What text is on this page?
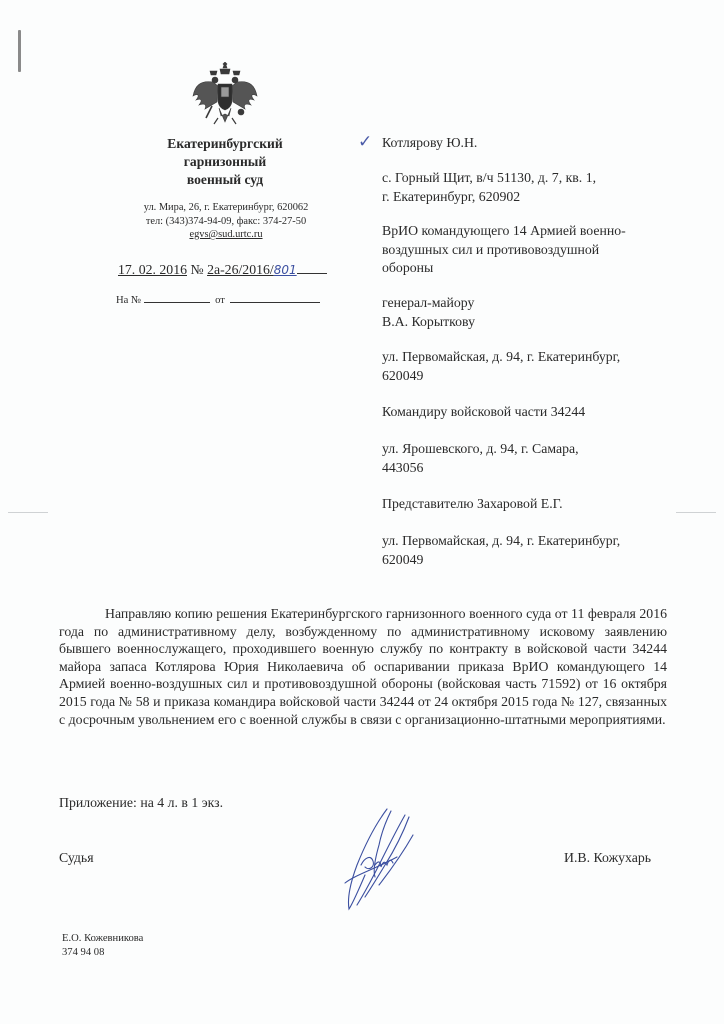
Екатеринбургский
гарнизонный
военный суд
ул. Мира, 26, г. Екатеринбург, 620062
тел: (343)374-94-09, факс: 374-27-50
egvs@sud.urtc.ru
17. 02. 2016 № 2а-26/2016/801
На №	от
✓ Котлярову Ю.Н.
с. Горный Щит, в/ч 51130, д. 7, кв. 1,
г. Екатеринбург, 620902
ВрИО командующего 14 Армией военно-
воздушных сил и противовоздушной
обороны
генерал-майору
В.А. Корыткову
ул. Первомайская, д. 94, г. Екатеринбург,
620049
Командиру войсковой части 34244
ул. Ярошевского, д. 94, г. Самара,
443056
Представителю Захаровой Е.Г.
ул. Первомайская, д. 94, г. Екатеринбург,
620049
Направляю копию решения Екатеринбургского гарнизонного военного суда от 11 февраля 2016 года по административному делу, возбужденному по административному исковому заявлению бывшего военнослужащего, проходившего военную службу по контракту в войсковой части 34244 майора запаса Котлярова Юрия Николаевича об оспаривании приказа ВрИО командующего 14 Армией военно-воздушных сил и противовоздушной обороны (войсковая часть 71592) от 16 октября 2015 года № 58 и приказа командира войсковой части 34244 от 24 октября 2015 года № 127, связанных с досрочным увольнением его с военной службы в связи с организационно-штатными мероприятиями.
Приложение: на 4 л. в 1 экз.
Судья	И.В. Кожухарь
Е.О. Кожевникова
374 94 08
